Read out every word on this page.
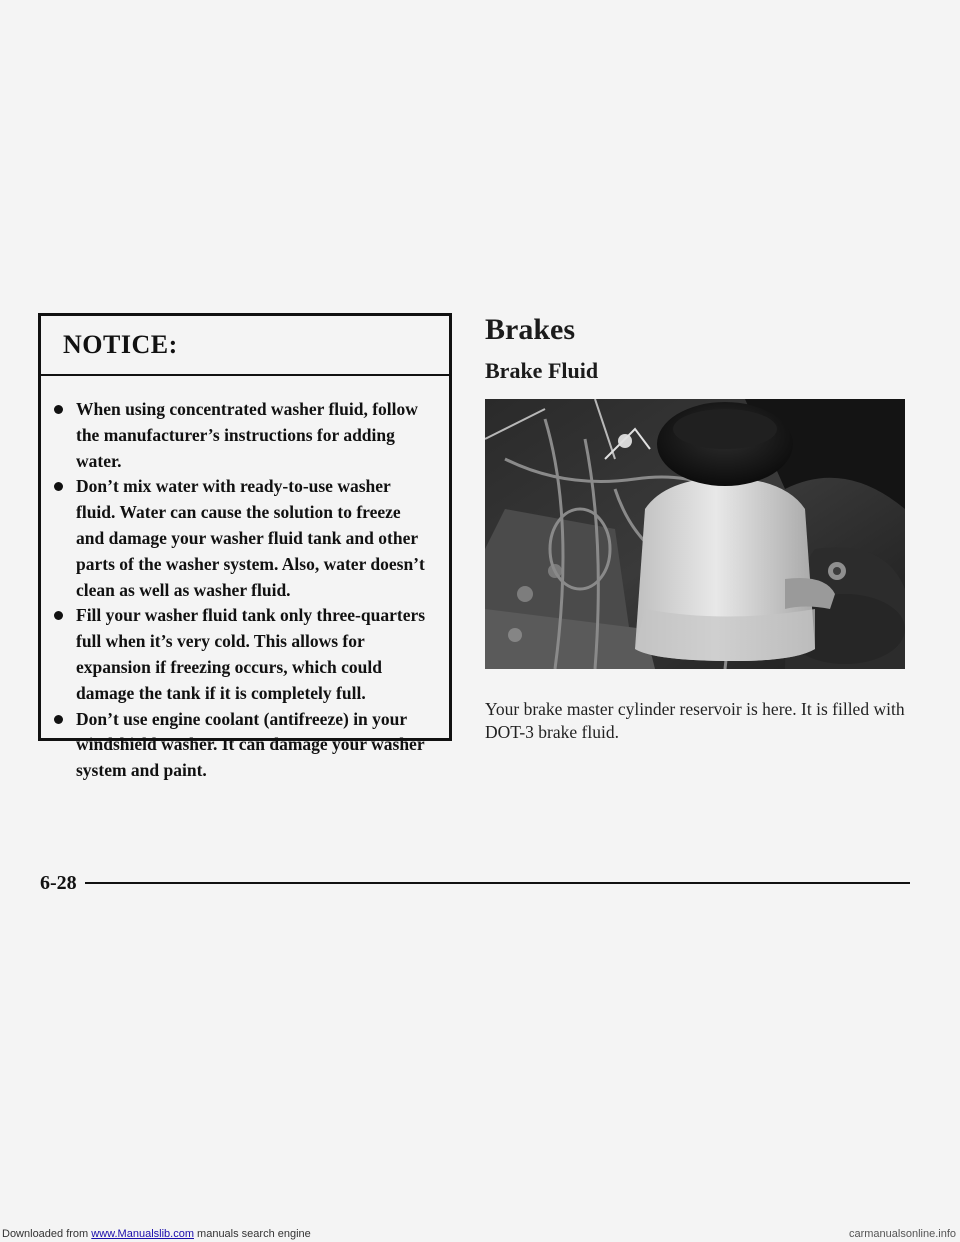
NOTICE:
When using concentrated washer fluid, follow the manufacturer’s instructions for adding water.
Don’t mix water with ready-to-use washer fluid. Water can cause the solution to freeze and damage your washer fluid tank and other parts of the washer system. Also, water doesn’t clean as well as washer fluid.
Fill your washer fluid tank only three-quarters full when it’s very cold. This allows for expansion if freezing occurs, which could damage the tank if it is completely full.
Don’t use engine coolant (antifreeze) in your windshield washer. It can damage your washer system and paint.
Brakes
Brake Fluid

Your brake master cylinder reservoir is here. It is filled with DOT-3 brake fluid.

6-28
Downloaded from www.Manualslib.com manuals search engine	carmanualsonline.info
